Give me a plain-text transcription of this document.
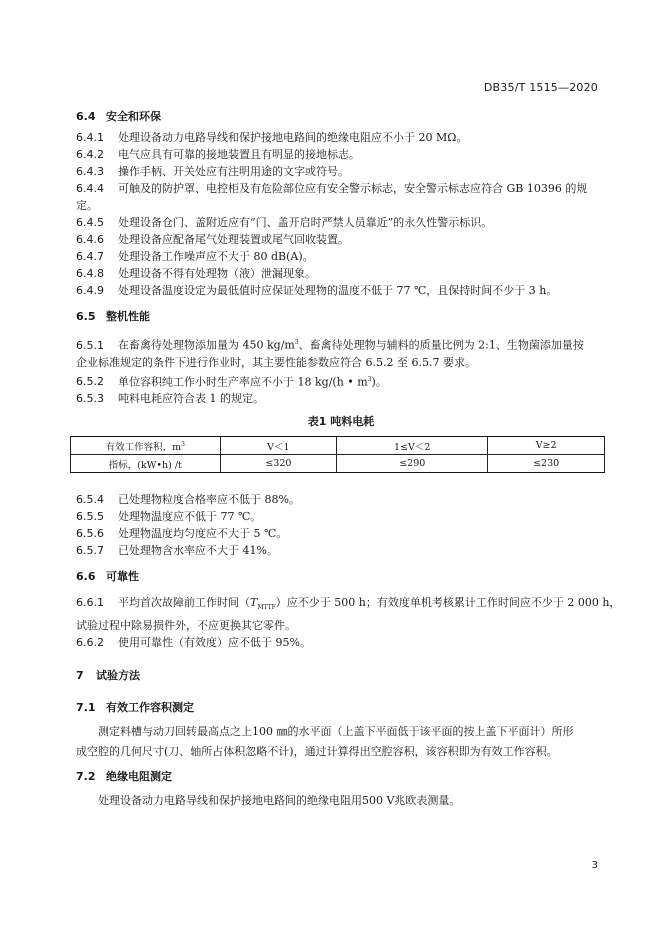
DB35/T 1515—2020
6.4 安全和环保
6.4.1 处理设备动力电路导线和保护接地电路间的绝缘电阻应不小于 20 MΩ。
6.4.2 电气应具有可靠的接地装置且有明显的接地标志。
6.4.3 操作手柄、开关处应有注明用途的文字或符号。
6.4.4 可触及的防护罩、电控柜及有危险部位应有安全警示标志，安全警示标志应符合 GB 10396 的规
定。
6.4.5 处理设备仓门、盖附近应有“门、盖开启时严禁人员靠近”的永久性警示标识。
6.4.6 处理设备应配备尾气处理装置或尾气回收装置。
6.4.7 处理设备工作噪声应不大于 80 dB(A)。
6.4.8 处理设备不得有处理物（液）泄漏现象。
6.4.9 处理设备温度设定为最低值时应保证处理物的温度不低于 77 ℃，且保持时间不少于 3 h。
6.5 整机性能
6.5.1 在畜禽待处理物添加量为 450 $kg/m^3$、畜禽待处理物与辅料的质量比例为 2:1、生物菌添加量按
企业标准规定的条件下进行作业时，其主要性能参数应符合 6.5.2 至 6.5.7 要求。
6.5.2 单位容积纯工作小时生产率应不小于 18 kg/(h • $m^3$)。
6.5.3 吨料电耗应符合表 1 的规定。
表1 吨料电耗
有效工作容积，$m^3$	V＜1	1≤V＜2	V≥2
指标，(kW•h) /t	≤320	≤290	≤230
6.5.4 已处理物粒度合格率应不低于 88%。
6.5.5 处理物温度应不低于 77 ℃。
6.5.6 处理物温度均匀度应不大于 5 ℃。
6.5.7 已处理物含水率应不大于 41%。
6.6 可靠性
6.6.1 平均首次故障前工作时间$(T_{MTTF})$应不少于 500 h；有效度单机考核累计工作时间应不少于 2 000 h，
试验过程中除易损件外，不应更换其它零件。
6.6.2 使用可靠性（有效度）应不低于 95%。
7 试验方法
7.1 有效工作容积测定
测定料槽与动刀回转最高点之上100 ㎜的水平面（上盖下平面低于该平面的按上盖下平面计）所形
成空腔的几何尺寸(刀、轴所占体积忽略不计)，通过计算得出空腔容积，该容积即为有效工作容积。
7.2 绝缘电阻测定
处理设备动力电路导线和保护接地电路间的绝缘电阻用500 V兆欧表测量。
3
